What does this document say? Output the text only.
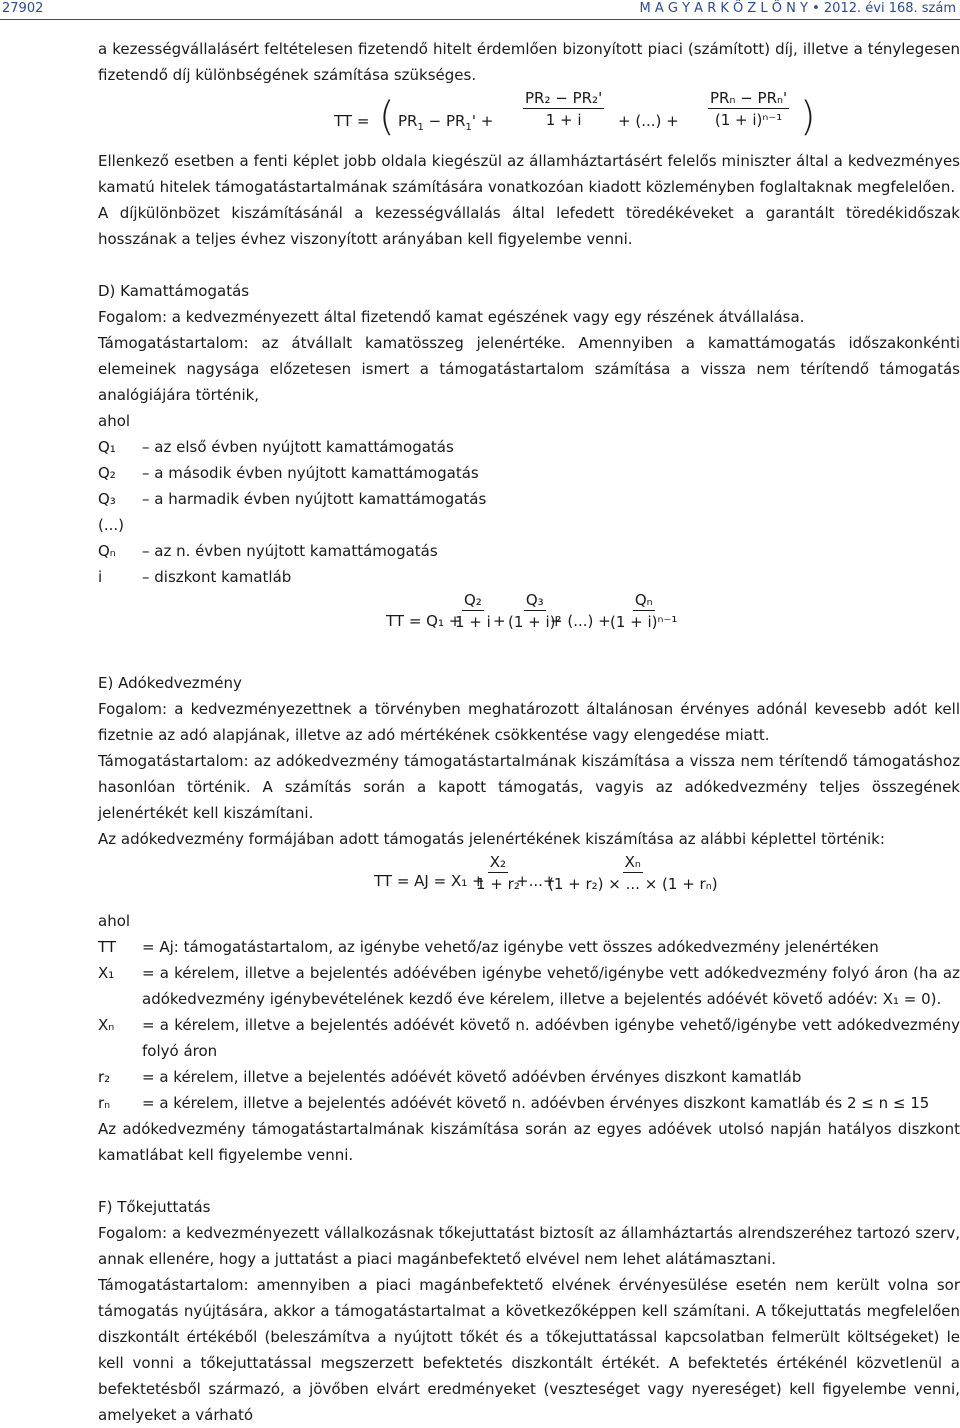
27902	M A G Y A R K Ö Z L Ö N Y • 2012. évi 168. szám

a kezességvállalásért feltételesen fizetendő hitelt érdemlően bizonyított piaci (számított) díj, illetve a ténylegesen fizetendő díj különbségének számítása szükséges.

TT = ( $PR_1 - PR_1' + \frac{\text{PR₂ − PR₂'}}{1 + i}$ + (...) + $\frac{\text{PRₙ − PRₙ'}}{\text{(1 + i)ⁿ⁻¹}}$ )

Ellenkező esetben a fenti képlet jobb oldala kiegészül az államháztartásért felelős miniszter által a kedvezményes kamatú hitelek támogatástartalmának számítására vonatkozóan kiadott közleményben foglaltaknak megfelelően.

A díjkülönbözet kiszámításánál a kezességvállalás által lefedett töredékéveket a garantált töredékidőszak hosszának a teljes évhez viszonyított arányában kell figyelembe venni.

D) Kamattámogatás

Fogalom: a kedvezményezett által fizetendő kamat egészének vagy egy részének átvállalása.

Támogatástartalom: az átvállalt kamatösszeg jelenértéke. Amennyiben a kamattámogatás időszakonkénti elemeinek nagysága előzetesen ismert a támogatástartalom számítása a vissza nem térítendő támogatás analógiájára történik,

ahol

Q₁	– az első évben nyújtott kamattámogatás
Q₂	– a második évben nyújtott kamattámogatás
Q₃	– a harmadik évben nyújtott kamattámogatás
(...)	
Qₙ	– az n. évben nyújtott kamattámogatás
i	– diszkont kamatláb
TT = Q₁ +
$\frac{\text{Q₂}}{1 + i} + \frac{\text{Q₃}}{\text{(1 + i)²}}$
+ (...) +
$\frac{\text{Qₙ}}{\text{(1 + i)ⁿ⁻¹}}$

E) Adókedvezmény

Fogalom: a kedvezményezettnek a törvényben meghatározott általánosan érvényes adónál kevesebb adót kell fizetnie az adó alapjának, illetve az adó mértékének csökkentése vagy elengedése miatt.

Támogatástartalom: az adókedvezmény támogatástartalmának kiszámítása a vissza nem térítendő támogatáshoz hasonlóan történik. A számítás során a kapott támogatás, vagyis az adókedvezmény teljes összegének jelenértékét kell kiszámítani.

Az adókedvezmény formájában adott támogatás jelenértékének kiszámítása az alábbi képlettel történik:

TT = AJ = X₁ +
$\frac{\text{X₂}}{\text{1 + r₂}}$
+...+
$\frac{\text{Xₙ}}{\text{(1 + r₂) × ... × (1 + rₙ)}}$

ahol

TT	= Aj: támogatástartalom, az igénybe vehető/az igénybe vett összes adókedvezmény jelenértéken
X₁	= a kérelem, illetve a bejelentés adóévében igénybe vehető/igénybe vett adókedvezmény folyó áron (ha az adókedvezmény igénybevételének kezdő éve kérelem, illetve a bejelentés adóévét követő adóév: X₁ = 0).
Xₙ	= a kérelem, illetve a bejelentés adóévét követő n. adóévben igénybe vehető/igénybe vett adókedvezmény folyó áron
r₂	= a kérelem, illetve a bejelentés adóévét követő adóévben érvényes diszkont kamatláb
rₙ	= a kérelem, illetve a bejelentés adóévét követő n. adóévben érvényes diszkont kamatláb és 2 ≤ n ≤ 15

Az adókedvezmény támogatástartalmának kiszámítása során az egyes adóévek utolsó napján hatályos diszkont kamatlábat kell figyelembe venni.

F) Tőkejuttatás

Fogalom: a kedvezményezett vállalkozásnak tőkejuttatást biztosít az államháztartás alrendszeréhez tartozó szerv, annak ellenére, hogy a juttatást a piaci magánbefektető elvével nem lehet alátámasztani.

Támogatástartalom: amennyiben a piaci magánbefektető elvének érvényesülése esetén nem került volna sor támogatás nyújtására, akkor a támogatástartalmat a következőképpen kell számítani. A tőkejuttatás megfelelően diszkontált értékéből (beleszámítva a nyújtott tőkét és a tőkejuttatással kapcsolatban felmerült költségeket) le kell vonni a tőkejuttatással megszerzett befektetés diszkontált értékét. A befektetés értékénél közvetlenül a befektetésből származó, a jövőben elvárt eredményeket (veszteséget vagy nyereséget) kell figyelembe venni, amelyeket a várható
